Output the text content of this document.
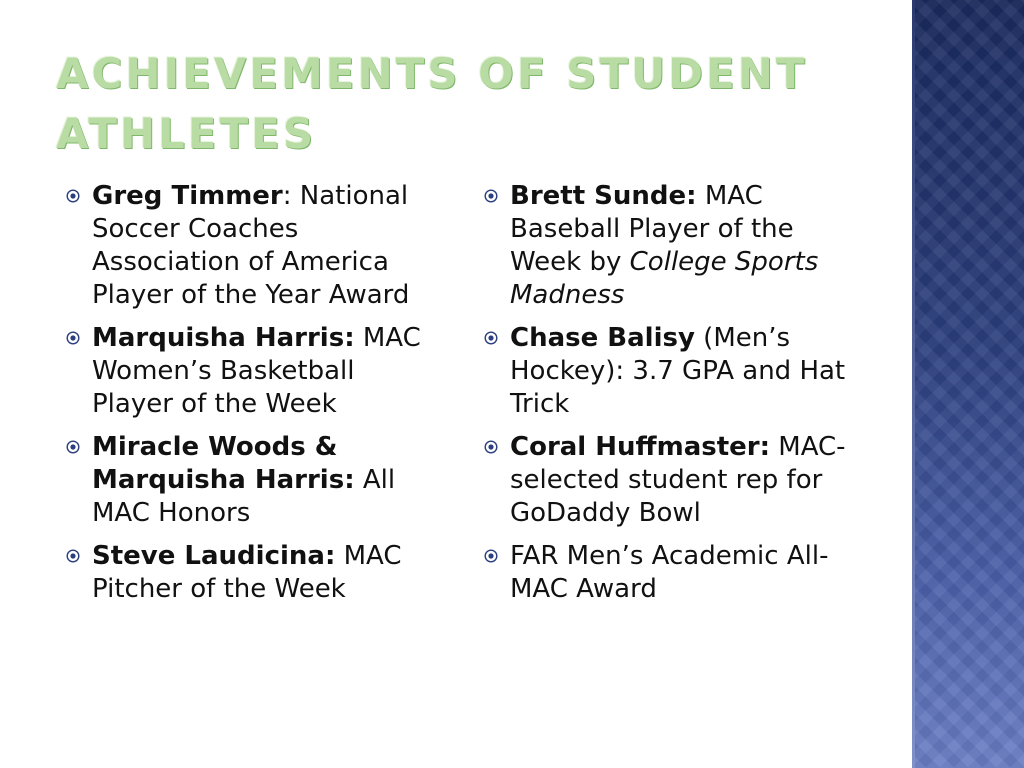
ACHIEVEMENTS OF STUDENT ATHLETES
Greg Timmer: National Soccer Coaches Association of America Player of the Year Award
Marquisha Harris: MAC Women’s Basketball Player of the Week
Miracle Woods & Marquisha Harris: All MAC Honors
Steve Laudicina: MAC Pitcher of the Week
Brett Sunde: MAC Baseball Player of the Week by College Sports Madness
Chase Balisy (Men’s Hockey): 3.7 GPA and Hat Trick
Coral Huffmaster: MAC-selected student rep for GoDaddy Bowl
FAR Men’s Academic All-MAC Award
